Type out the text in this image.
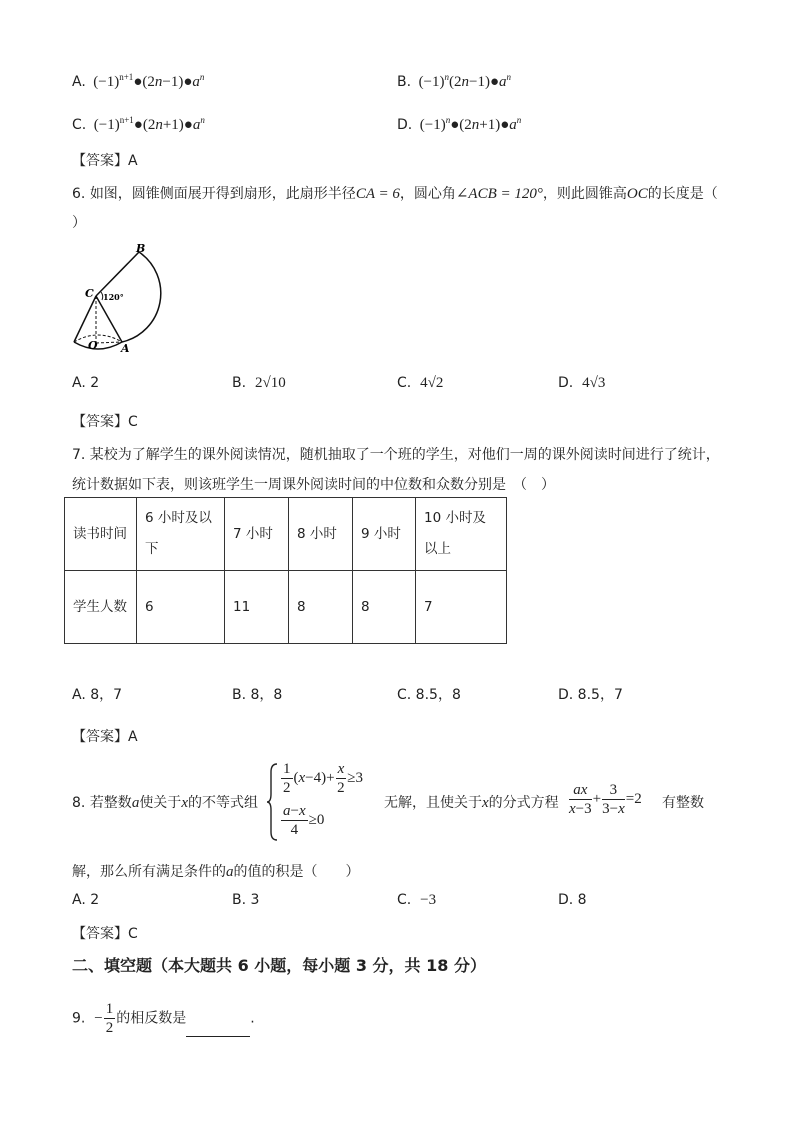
A.  $(-1)^{n+1}●(2n-1)●a^n$	B.  $(-1)^n(2n-1)●a^n$
C.  $(-1)^{n+1}●(2n+1)●a^n$	D.  $(-1)^n●(2n+1)●a^n$
【答案】A
6. 如图，圆锥侧面展开得到扇形，此扇形半径CA = 6，圆心角∠ACB = 120°，则此圆锥高OC的长度是（
）
B
C 120°
O A
A. 2	B. 2√10	C. 4√2	D. 4√3
【答案】C
7. 某校为了解学生的课外阅读情况，随机抽取了一个班的学生，对他们一周的课外阅读时间进行了统计，
统计数据如下表，则该班学生一周课外阅读时间的中位数和众数分别是　（　）
读书时间	6 小时及以下	7 小时	8 小时	9 小时	10 小时及以上
学生人数	6	11	8	8	7
A. 8，7	B. 8，8	C. 8.5，8	D. 8.5，7
【答案】A
8. 若整数a使关于x的不等式组
$\frac{1}{2} (x-4)+ \frac{x}{2} \ge 3$
$\frac{a-x}{4} \ge 0$
无解，且使关于x的分式方程 $\frac{ax}{x-3} + \frac{3}{3-x} =2$ 有整数
解，那么所有满足条件的a的值的积是（　　）
A. 2	B. 3	C. −3	D. 8
【答案】C
二、填空题（本大题共 6 小题，每小题 3 分，共 18 分）
9. − $\frac{1}{2}$ 的相反数是	.
